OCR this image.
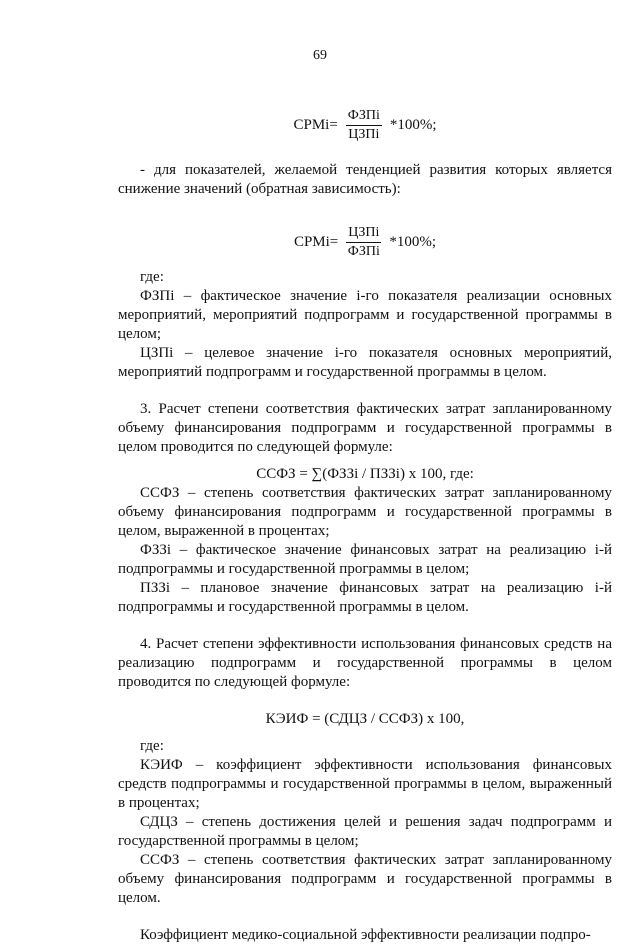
69
СРМi= $\frac{\text{ФЗПi}}{\text{ЦЗПi}} *100\%$;

- для показателей, желаемой тенденцией развития которых является снижение значений (обратная зависимость):

СРМi= $\frac{\text{ЦЗПi}}{\text{ФЗПi}} *100\%$;

где:

ФЗПi – фактическое значение i-го показателя реализации основных мероприятий, мероприятий подпрограмм и государственной программы в целом;

ЦЗПi – целевое значение i-го показателя основных мероприятий, мероприятий подпрограмм и государственной программы в целом.

3. Расчет степени соответствия фактических затрат запланированному объему финансирования подпрограмм и государственной программы в целом проводится по следующей формуле:

ССФЗ = ∑(ФЗЗi / ПЗЗi) х 100, где:

ССФЗ – степень соответствия фактических затрат запланированному объему финансирования подпрограмм и государственной программы в целом, выраженной в процентах;

ФЗЗi – фактическое значение финансовых затрат на реализацию i-й подпрограммы и государственной программы в целом;

ПЗЗi – плановое значение финансовых затрат на реализацию i-й подпрограммы и государственной программы в целом.

4. Расчет степени эффективности использования финансовых средств на реализацию подпрограмм и государственной программы в целом проводится по следующей формуле:

КЭИФ = (СДЦЗ / ССФЗ) х 100,

где:

КЭИФ – коэффициент эффективности использования финансовых средств подпрограммы и государственной программы в целом, выраженный в процентах;

СДЦЗ – степень достижения целей и решения задач подпрограмм и государственной программы в целом;

ССФЗ – степень соответствия фактических затрат запланированному объему финансирования подпрограмм и государственной программы в целом.

Коэффициент медико-социальной эффективности реализации подпро-
